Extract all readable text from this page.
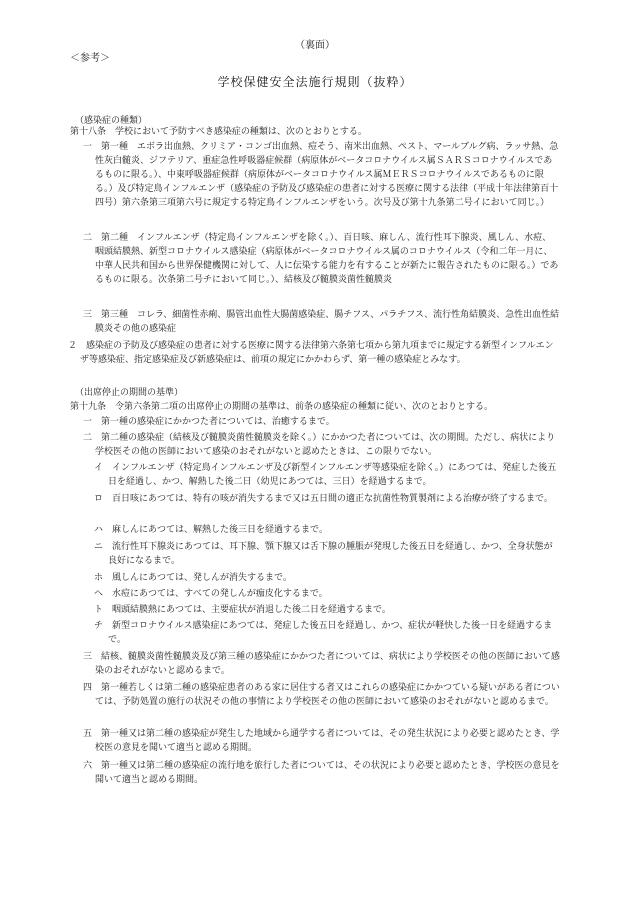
（裏面）
＜参考＞
学校保健安全法施行規則（抜粋）
（感染症の種類）
第十八条　学校において予防すべき感染症の種類は、次のとおりとする。
一　第一種　エボラ出血熱、クリミア・コンゴ出血熱、痘そう、南米出血熱、ペスト、マールブルグ病、ラッサ熱、急性灰白髄炎、ジフテリア、重症急性呼吸器症候群（病原体がベータコロナウイルス属ＳＡＲＳコロナウイルスであるものに限る。）、中東呼吸器症候群（病原体がベータコロナウイルス属ＭＥＲＳコロナウイルスであるものに限る。）及び特定鳥インフルエンザ（感染症の予防及び感染症の患者に対する医療に関する法律（平成十年法律第百十四号）第六条第三項第六号に規定する特定鳥インフルエンザをいう。次号及び第十九条第二号イにおいて同じ。）
二　第二種　インフルエンザ（特定鳥インフルエンザを除く。）、百日咳、麻しん、流行性耳下腺炎、風しん、水痘、咽頭結膜熱、新型コロナウイルス感染症（病原体がベータコロナウイルス属のコロナウイルス（令和二年一月に、中華人民共和国から世界保健機関に対して、人に伝染する能力を有することが新たに報告されたものに限る。）であるものに限る。次条第二号チにおいて同じ。）、結核及び髄膜炎菌性髄膜炎
三　第三種　コレラ、細菌性赤痢、腸管出血性大腸菌感染症、腸チフス、パラチフス、流行性角結膜炎、急性出血性結膜炎その他の感染症
２　感染症の予防及び感染症の患者に対する医療に関する法律第六条第七項から第九項までに規定する新型インフルエンザ等感染症、指定感染症及び新感染症は、前項の規定にかかわらず、第一種の感染症とみなす。
（出席停止の期間の基準）
第十九条　令第六条第二項の出席停止の期間の基準は、前条の感染症の種類に従い、次のとおりとする。
一　第一種の感染症にかかつた者については、治癒するまで。
二　第二種の感染症（結核及び髄膜炎菌性髄膜炎を除く。）にかかつた者については、次の期間。ただし、病状により学校医その他の医師において感染のおそれがないと認めたときは、この限りでない。
イ　インフルエンザ（特定鳥インフルエンザ及び新型インフルエンザ等感染症を除く。）にあつては、発症した後五日を経過し、かつ、解熱した後二日（幼児にあつては、三日）を経過するまで。
ロ　百日咳にあつては、特有の咳が消失するまで又は五日間の適正な抗菌性物質製剤による治療が終了するまで。
ハ　麻しんにあつては、解熱した後三日を経過するまで。
ニ　流行性耳下腺炎にあつては、耳下腺、顎下腺又は舌下腺の腫脹が発現した後五日を経過し、かつ、全身状態が良好になるまで。
ホ　風しんにあつては、発しんが消失するまで。
ヘ　水痘にあつては、すべての発しんが痂皮化するまで。
ト　咽頭結膜熱にあつては、主要症状が消退した後二日を経過するまで。
チ　新型コロナウイルス感染症にあつては、発症した後五日を経過し、かつ、症状が軽快した後一日を経過するまで。
三　結核、髄膜炎菌性髄膜炎及び第三種の感染症にかかつた者については、病状により学校医その他の医師において感染のおそれがないと認めるまで。
四　第一種若しくは第二種の感染症患者のある家に居住する者又はこれらの感染症にかかつている疑いがある者については、予防処置の施行の状況その他の事情により学校医その他の医師において感染のおそれがないと認めるまで。
五　第一種又は第二種の感染症が発生した地域から通学する者については、その発生状況により必要と認めたとき、学校医の意見を聞いて適当と認める期間。
六　第一種又は第二種の感染症の流行地を旅行した者については、その状況により必要と認めたとき、学校医の意見を聞いて適当と認める期間。
